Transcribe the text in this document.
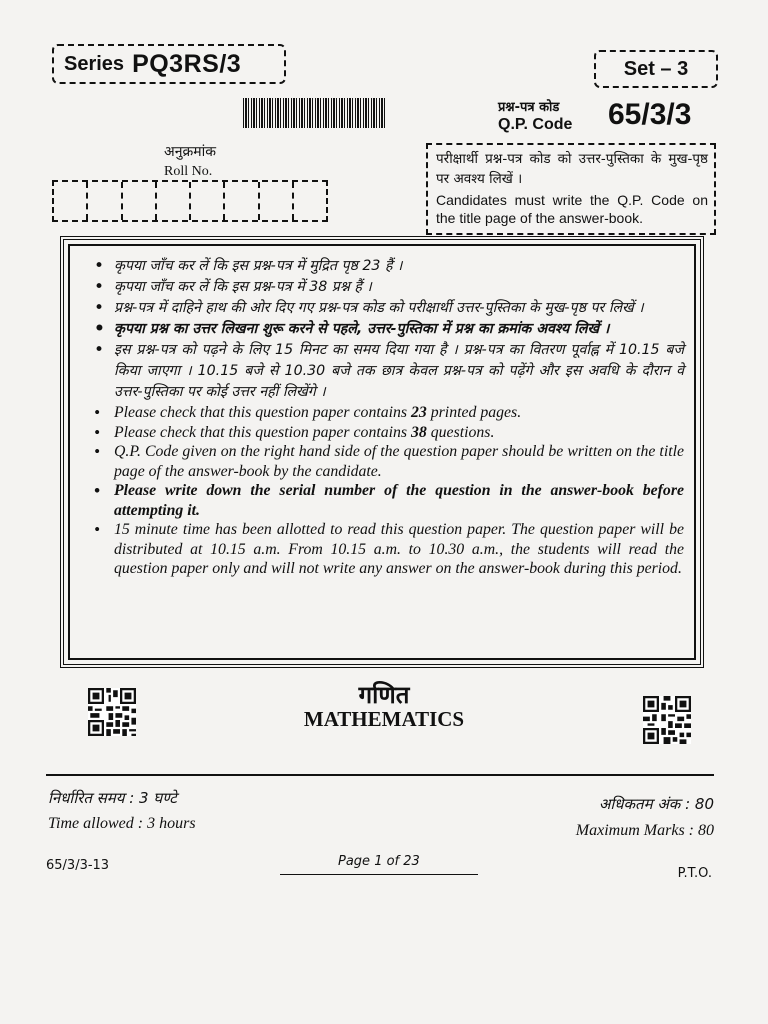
Series PQ3RS/3	Set – 3
प्रश्न-पत्र कोड
Q.P. Code 65/3/3
अनुक्रमांक
Roll No.
परीक्षार्थी प्रश्न-पत्र कोड को उत्तर-पुस्तिका के मुख-पृष्ठ पर अवश्य लिखें ।
Candidates must write the Q.P. Code on the title page of the answer-book.
• कृपया जाँच कर लें कि इस प्रश्न-पत्र में मुद्रित पृष्ठ 23 हैं ।
• कृपया जाँच कर लें कि इस प्रश्न-पत्र में 38 प्रश्न हैं ।
• प्रश्न-पत्र में दाहिने हाथ की ओर दिए गए प्रश्न-पत्र कोड को परीक्षार्थी उत्तर-पुस्तिका के मुख-पृष्ठ पर लिखें ।
• कृपया प्रश्न का उत्तर लिखना शुरू करने से पहले, उत्तर-पुस्तिका में प्रश्न का क्रमांक अवश्य लिखें ।
• इस प्रश्न-पत्र को पढ़ने के लिए 15 मिनट का समय दिया गया है । प्रश्न-पत्र का वितरण पूर्वाह्न में 10.15 बजे किया जाएगा । 10.15 बजे से 10.30 बजे तक छात्र केवल प्रश्न-पत्र को पढ़ेंगे और इस अवधि के दौरान वे उत्तर-पुस्तिका पर कोई उत्तर नहीं लिखेंगे ।
• Please check that this question paper contains 23 printed pages.
• Please check that this question paper contains 38 questions.
• Q.P. Code given on the right hand side of the question paper should be written on the title page of the answer-book by the candidate.
• Please write down the serial number of the question in the answer-book before attempting it.
• 15 minute time has been allotted to read this question paper. The question paper will be distributed at 10.15 a.m. From 10.15 a.m. to 10.30 a.m., the students will read the question paper only and will not write any answer on the answer-book during this period.
गणित
MATHEMATICS
निर्धारित समय : 3 घण्टे
Time allowed : 3 hours
अधिकतम अंक : 80
Maximum Marks : 80
65/3/3-13	Page 1 of 23
P.T.O.
